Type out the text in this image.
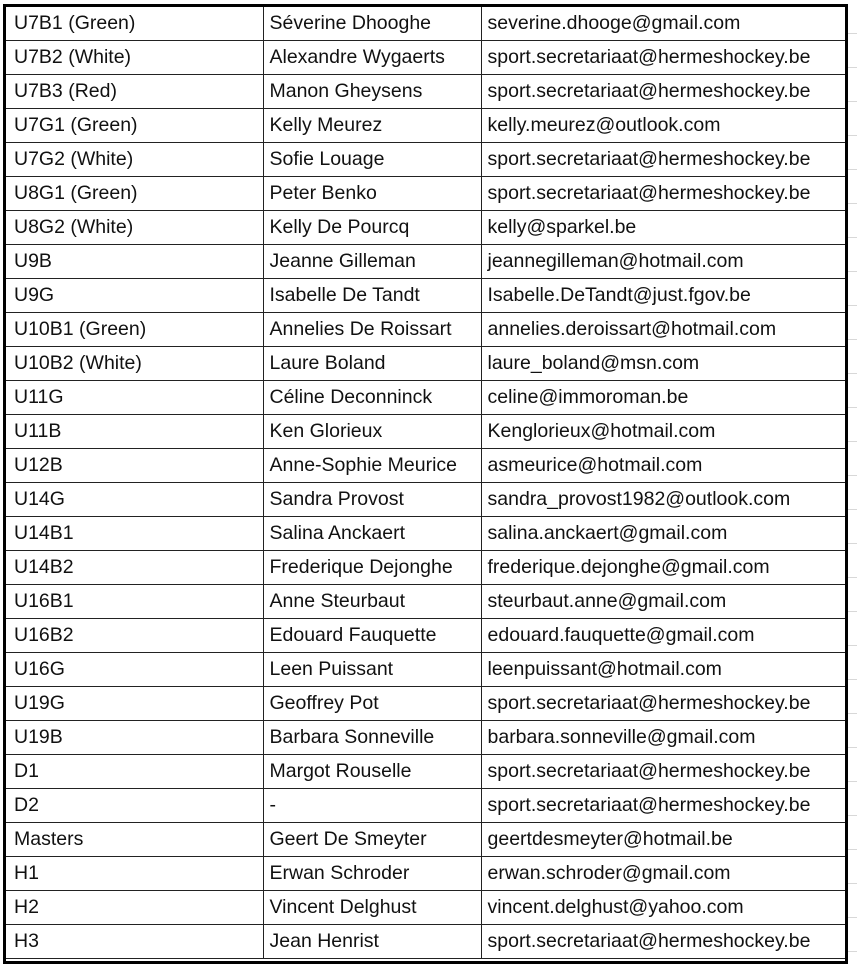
U7B1 (Green)	Séverine Dhooghe	severine.dhooge@gmail.com
U7B2 (White)	Alexandre Wygaerts	sport.secretariaat@hermeshockey.be
U7B3 (Red)	Manon Gheysens	sport.secretariaat@hermeshockey.be
U7G1 (Green)	Kelly Meurez	kelly.meurez@outlook.com
U7G2 (White)	Sofie Louage	sport.secretariaat@hermeshockey.be
U8G1 (Green)	Peter Benko	sport.secretariaat@hermeshockey.be
U8G2 (White)	Kelly De Pourcq	kelly@sparkel.be
U9B	Jeanne Gilleman	jeannegilleman@hotmail.com
U9G	Isabelle De Tandt	Isabelle.DeTandt@just.fgov.be
U10B1 (Green)	Annelies De Roissart	annelies.deroissart@hotmail.com
U10B2 (White)	Laure Boland	laure_boland@msn.com
U11G	Céline Deconninck	celine@immoroman.be
U11B	Ken Glorieux	Kenglorieux@hotmail.com
U12B	Anne-Sophie Meurice	asmeurice@hotmail.com
U14G	Sandra Provost	sandra_provost1982@outlook.com
U14B1	Salina Anckaert	salina.anckaert@gmail.com
U14B2	Frederique Dejonghe	frederique.dejonghe@gmail.com
U16B1	Anne Steurbaut	steurbaut.anne@gmail.com
U16B2	Edouard Fauquette	edouard.fauquette@gmail.com
U16G	Leen Puissant	leenpuissant@hotmail.com
U19G	Geoffrey Pot	sport.secretariaat@hermeshockey.be
U19B	Barbara Sonneville	barbara.sonneville@gmail.com
D1	Margot Rouselle	sport.secretariaat@hermeshockey.be
D2	-	sport.secretariaat@hermeshockey.be
Masters	Geert De Smeyter	geertdesmeyter@hotmail.be
H1	Erwan Schroder	erwan.schroder@gmail.com
H2	Vincent Delghust	vincent.delghust@yahoo.com
H3	Jean Henrist	sport.secretariaat@hermeshockey.be
